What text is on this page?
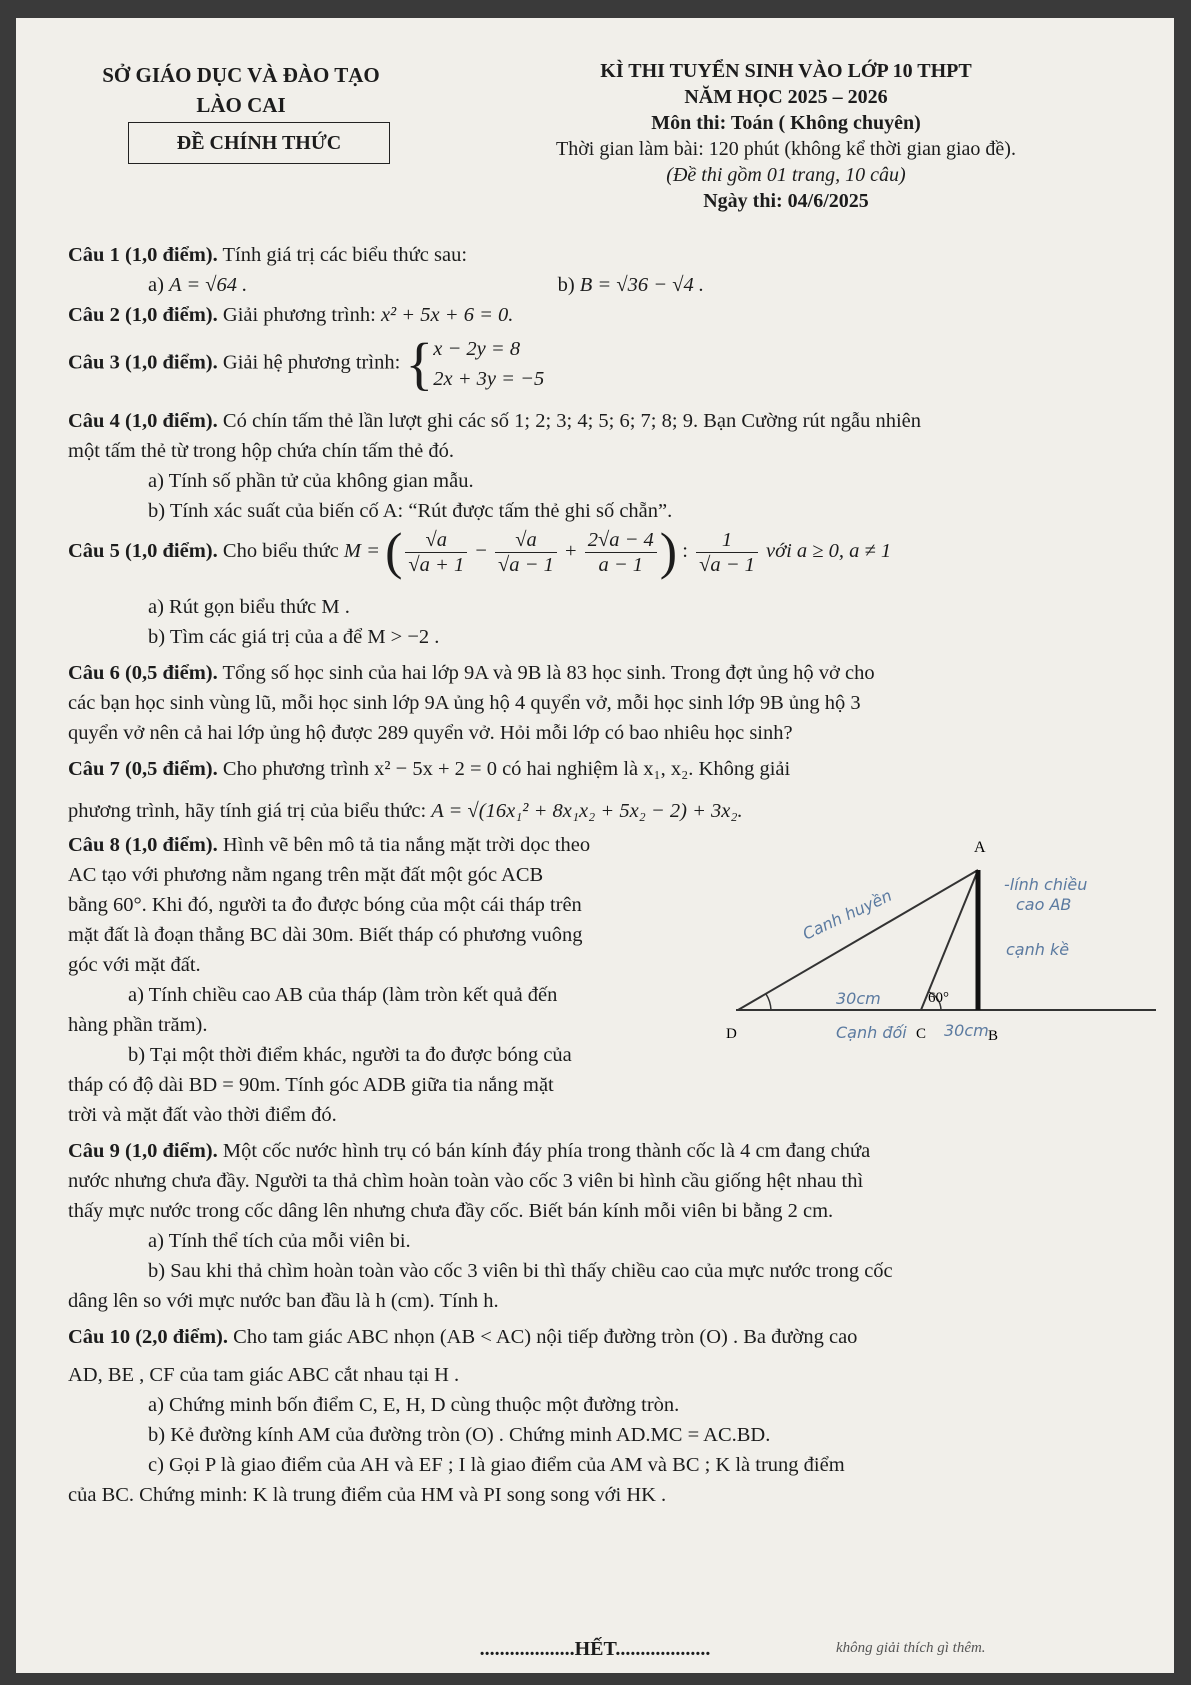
SỞ GIÁO DỤC VÀ ĐÀO TẠO
LÀO CAI
ĐỀ CHÍNH THỨC
KÌ THI TUYỂN SINH VÀO LỚP 10 THPT
NĂM HỌC 2025 – 2026
Môn thi: Toán ( Không chuyên)
Thời gian làm bài: 120 phút (không kể thời gian giao đề).
(Đề thi gồm 01 trang, 10 câu)
Ngày thi: 04/6/2025
Câu 1 (1,0 điểm). Tính giá trị các biểu thức sau:
a) A = √64 .	b) B = √36 − √4 .
Câu 2 (1,0 điểm). Giải phương trình: x² + 5x + 6 = 0.
Câu 3 (1,0 điểm). Giải hệ phương trình: { x − 2y = 8
2x + 3y = −5
Câu 4 (1,0 điểm). Có chín tấm thẻ lần lượt ghi các số 1; 2; 3; 4; 5; 6; 7; 8; 9. Bạn Cường rút ngẫu nhiên
một tấm thẻ từ trong hộp chứa chín tấm thẻ đó.
a) Tính số phần tử của không gian mẫu.
b) Tính xác suất của biến cố A: “Rút được tấm thẻ ghi số chẵn”.
Câu 5 (1,0 điểm). Cho biểu thức M = ( $\frac{√a}{√a + 1} - \frac{√a}{√a - 1} + \frac{2√a - 4}{a - 1}$ ) : $\frac{1}{√a - 1}$ với a ≥ 0, a ≠ 1
a) Rút gọn biểu thức M .
b) Tìm các giá trị của a để M > −2 .
Câu 6 (0,5 điểm). Tổng số học sinh của hai lớp 9A và 9B là 83 học sinh. Trong đợt ủng hộ vở cho
các bạn học sinh vùng lũ, mỗi học sinh lớp 9A ủng hộ 4 quyển vở, mỗi học sinh lớp 9B ủng hộ 3
quyển vở nên cả hai lớp ủng hộ được 289 quyển vở. Hỏi mỗi lớp có bao nhiêu học sinh?
Câu 7 (0,5 điểm). Cho phương trình x² − 5x + 2 = 0 có hai nghiệm là x₁, x₂. Không giải
phương trình, hãy tính giá trị của biểu thức: A = √(16x₁² + 8x₁x₂ + 5x₂ − 2) + 3x₂.
Câu 8 (1,0 điểm). Hình vẽ bên mô tả tia nắng mặt trời dọc theo
AC tạo với phương nằm ngang trên mặt đất một góc ACB
bằng 60°. Khi đó, người ta đo được bóng của một cái tháp trên
mặt đất là đoạn thẳng BC dài 30m. Biết tháp có phương vuông
góc với mặt đất.
a) Tính chiều cao AB của tháp (làm tròn kết quả đến
hàng phần trăm).
b) Tại một thời điểm khác, người ta đo được bóng của
tháp có độ dài BD = 90m. Tính góc ADB giữa tia nắng mặt
trời và mặt đất vào thời điểm đó.
A
B
C
D
60°
Canh huyền
-lính chiều
cao AB
cạnh kề
30cm
Cạnh đối 30cm
Câu 9 (1,0 điểm). Một cốc nước hình trụ có bán kính đáy phía trong thành cốc là 4 cm đang chứa
nước nhưng chưa đầy. Người ta thả chìm hoàn toàn vào cốc 3 viên bi hình cầu giống hệt nhau thì
thấy mực nước trong cốc dâng lên nhưng chưa đầy cốc. Biết bán kính mỗi viên bi bằng 2 cm.
a) Tính thể tích của mỗi viên bi.
b) Sau khi thả chìm hoàn toàn vào cốc 3 viên bi thì thấy chiều cao của mực nước trong cốc
dâng lên so với mực nước ban đầu là h (cm). Tính h.
Câu 10 (2,0 điểm). Cho tam giác ABC nhọn (AB < AC) nội tiếp đường tròn (O) . Ba đường cao
AD, BE , CF của tam giác ABC cắt nhau tại H .
a) Chứng minh bốn điểm C, E, H, D cùng thuộc một đường tròn.
b) Kẻ đường kính AM của đường tròn (O) . Chứng minh AD.MC = AC.BD.
c) Gọi P là giao điểm của AH và EF ; I là giao điểm của AM và BC ; K là trung điểm
của BC. Chứng minh: K là trung điểm của HM và PI song song với HK .
...................HẾT...................	không giải thích gì thêm.
